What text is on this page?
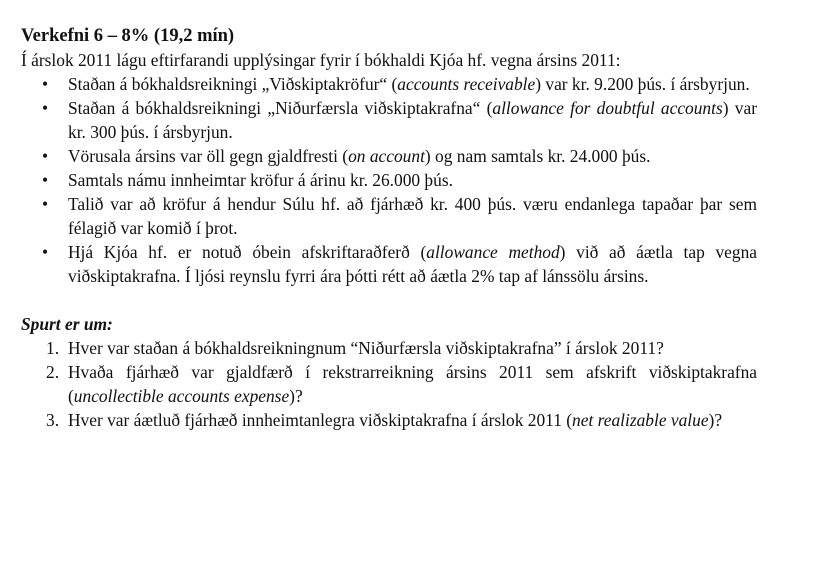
Verkefni 6 – 8% (19,2 mín)

Í árslok 2011 lágu eftirfarandi upplýsingar fyrir í bókhaldi Kjóa hf. vegna ársins 2011:

• Staðan á bókhaldsreikningi „Viðskiptakröfur“ (accounts receivable) var kr. 9.200 þús. í ársbyrjun.
• Staðan á bókhaldsreikningi „Niðurfærsla viðskiptakrafna“ (allowance for doubtful accounts) var kr. 300 þús. í ársbyrjun.
• Vörusala ársins var öll gegn gjaldfresti (on account) og nam samtals kr. 24.000 þús.
• Samtals námu innheimtar kröfur á árinu kr. 26.000 þús.
• Talið var að kröfur á hendur Súlu hf. að fjárhæð kr. 400 þús. væru endanlega tapaðar þar sem félagið var komið í þrot.
• Hjá Kjóa hf. er notuð óbein afskriftaraðferð (allowance method) við að áætla tap vegna viðskiptakrafna. Í ljósi reynslu fyrri ára þótti rétt að áætla 2% tap af lánssölu ársins.

Spurt er um:

1. Hver var staðan á bókhaldsreikningnum “Niðurfærsla viðskiptakrafna” í árslok 2011?
2. Hvaða fjárhæð var gjaldfærð í rekstrarreikning ársins 2011 sem afskrift viðskiptakrafna (uncollectible accounts expense)?
3. Hver var áætluð fjárhæð innheimtanlegra viðskiptakrafna í árslok 2011 (net realizable value)?
